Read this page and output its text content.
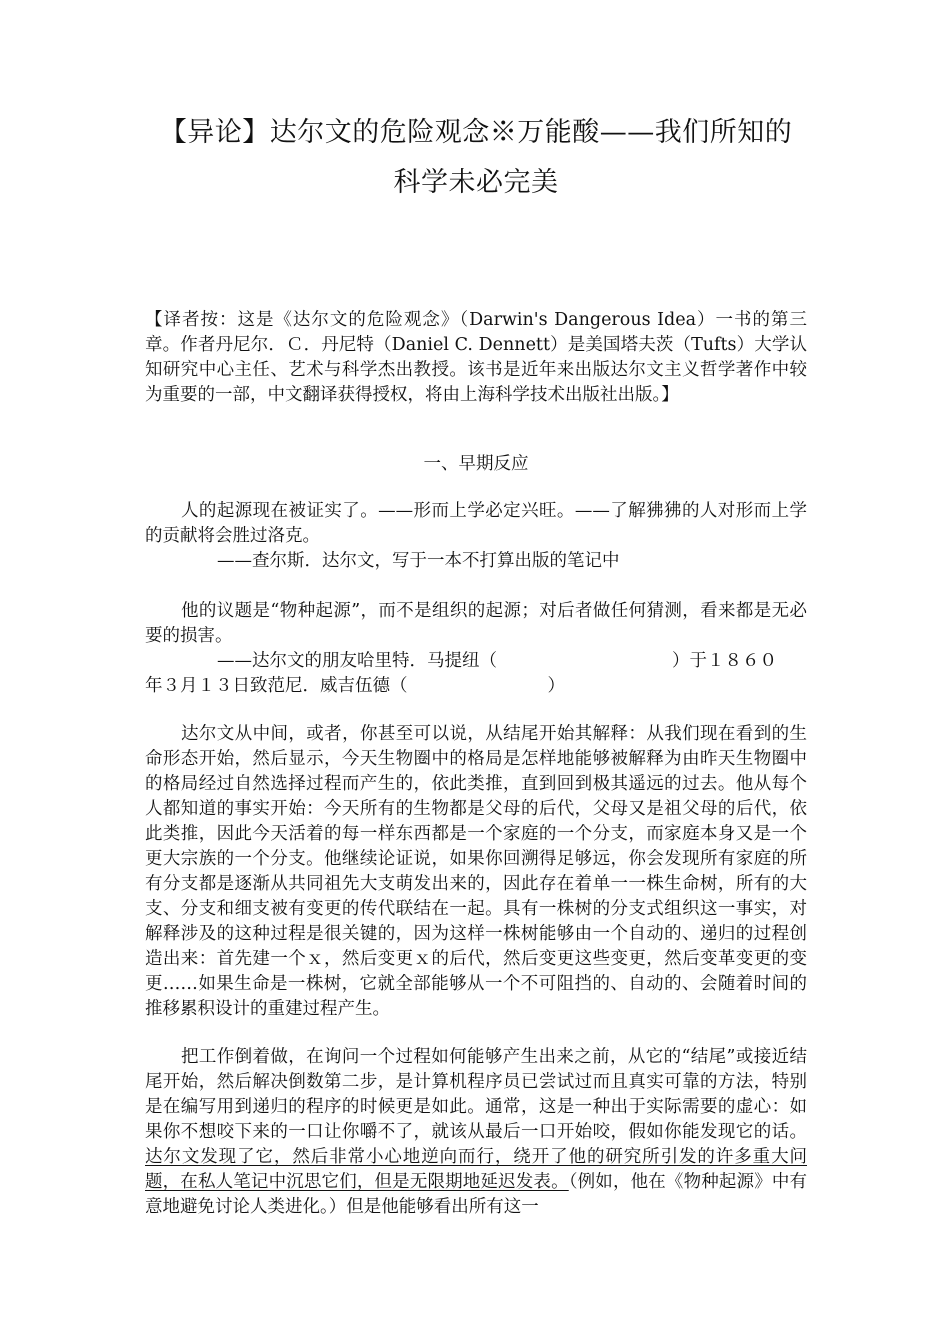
【异论】达尔文的危险观念※万能酸——我们所知的
科学未必完美

【译者按：这是《达尔文的危险观念》（Darwin's Dangerous Idea）一书的第三章。作者丹尼尔．Ｃ．丹尼特（Daniel C. Dennett）是美国塔夫茨（Tufts）大学认知研究中心主任、艺术与科学杰出教授。该书是近年来出版达尔文主义哲学著作中较为重要的一部，中文翻译获得授权，将由上海科学技术出版社出版。】

一、早期反应

人的起源现在被证实了。——形而上学必定兴旺。——了解狒狒的人对形而上学的贡献将会胜过洛克。

——查尔斯．达尔文，写于一本不打算出版的笔记中

他的议题是“物种起源”，而不是组织的起源；对后者做任何猜测，看来都是无必要的损害。

——达尔文的朋友哈里特．马提纽（　　　　　　　　　　）于１８６０

年３月１３日致范尼．威吉伍德（　　　　　　　　）

达尔文从中间，或者，你甚至可以说，从结尾开始其解释：从我们现在看到的生命形态开始，然后显示，今天生物圈中的格局是怎样地能够被解释为由昨天生物圈中的格局经过自然选择过程而产生的，依此类推，直到回到极其遥远的过去。他从每个人都知道的事实开始：今天所有的生物都是父母的后代，父母又是祖父母的后代，依此类推，因此今天活着的每一样东西都是一个家庭的一个分支，而家庭本身又是一个更大宗族的一个分支。他继续论证说，如果你回溯得足够远，你会发现所有家庭的所有分支都是逐渐从共同祖先大支萌发出来的，因此存在着单一一株生命树，所有的大支、分支和细支被有变更的传代联结在一起。具有一株树的分支式组织这一事实，对解释涉及的这种过程是很关键的，因为这样一株树能够由一个自动的、递归的过程创造出来：首先建一个ｘ，然后变更ｘ的后代，然后变更这些变更，然后变革变更的变更……如果生命是一株树，它就全部能够从一个不可阻挡的、自动的、会随着时间的推移累积设计的重建过程产生。

把工作倒着做，在询问一个过程如何能够产生出来之前，从它的“结尾”或接近结尾开始，然后解决倒数第二步，是计算机程序员已尝试过而且真实可靠的方法，特别是在编写用到递归的程序的时候更是如此。通常，这是一种出于实际需要的虚心：如果你不想咬下来的一口让你嚼不了，就该从最后一口开始咬，假如你能发现它的话。达尔文发现了它，然后非常小心地逆向而行，绕开了他的研究所引发的许多重大问题，在私人笔记中沉思它们，但是无限期地延迟发表。（例如，他在《物种起源》中有意地避免讨论人类进化。）但是他能够看出所有这一
